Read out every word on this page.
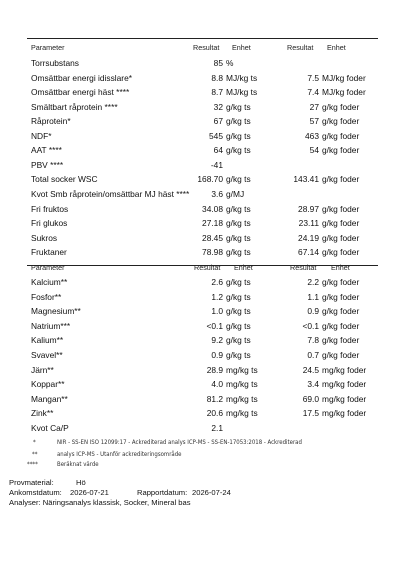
Parameter	Resultat Enhet	Resultat Enhet
Torrsubstans	85 %
Omsättbar energi idisslare*	8.8 MJ/kg ts	7.5 MJ/kg foder
Omsättbar energi häst ****	8.7 MJ/kg ts	7.4 MJ/kg foder
Smältbart råprotein ****	32 g/kg ts	27 g/kg foder
Råprotein*	67 g/kg ts	57 g/kg foder
NDF*	545 g/kg ts	463 g/kg foder
AAT ****	64 g/kg ts	54 g/kg foder
PBV ****	-41
Total socker WSC	168.70 g/kg ts	143.41 g/kg foder
Kvot Smb råprotein/omsättbar MJ häst ****	3.6 g/MJ
Fri fruktos	34.08 g/kg ts	28.97 g/kg foder
Fri glukos	27.18 g/kg ts	23.11 g/kg foder
Sukros	28.45 g/kg ts	24.19 g/kg foder
Fruktaner	78.98 g/kg ts	67.14 g/kg foder
Parameter	Resultat Enhet	Resultat Enhet
Kalcium**	2.6 g/kg ts	2.2 g/kg foder
Fosfor**	1.2 g/kg ts	1.1 g/kg foder
Magnesium**	1.0 g/kg ts	0.9 g/kg foder
Natrium***	<0.1 g/kg ts	<0.1 g/kg foder
Kalium**	9.2 g/kg ts	7.8 g/kg foder
Svavel**	0.9 g/kg ts	0.7 g/kg foder
Järn**	28.9 mg/kg ts	24.5 mg/kg foder
Koppar**	4.0 mg/kg ts	3.4 mg/kg foder
Mangan**	81.2 mg/kg ts	69.0 mg/kg foder
Zink**	20.6 mg/kg ts	17.5 mg/kg foder
Kvot Ca/P	2.1
*	NIR - SS-EN ISO 12099:17 - Ackrediterad analys ICP-MS - SS-EN-17053:2018 - Ackrediterad
**	analys ICP-MS - Utanför ackrediteringsområde
****	Beräknat värde
Provmaterial:	Hö
Ankomstdatum: 2026-07-21	Rapportdatum: 2026-07-24
Analyser: Näringsanalys klassisk, Socker, Mineral bas
